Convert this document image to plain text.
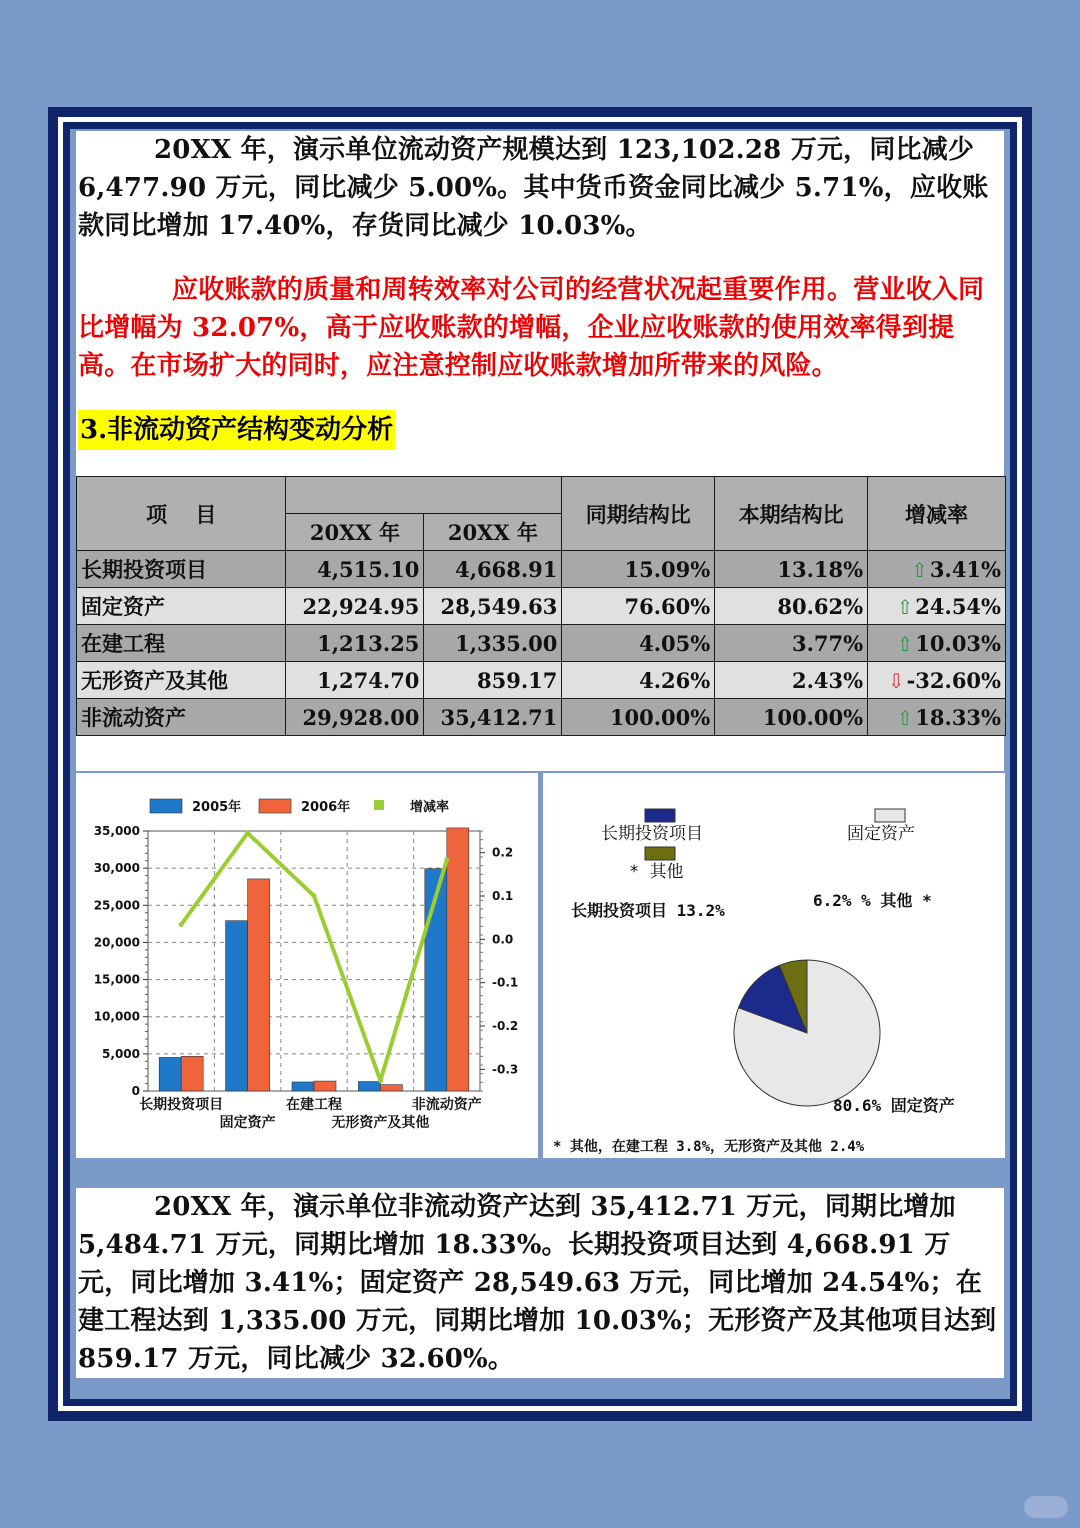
20XX 年，演示单位流动资产规模达到 123,102.28 万元，同比减少 6,477.90 万元，同比减少 5.00%。其中货币资金同比减少 5.71%，应收账款同比增加 17.40%，存货同比减少 10.03%。

应收账款的质量和周转效率对公司的经营状况起重要作用。营业收入同比增幅为 32.07%，高于应收账款的增幅，企业应收账款的使用效率得到提高。在市场扩大的同时，应注意控制应收账款增加所带来的风险。

3.非流动资产结构变动分析
项　 目			同期结构比	本期结构比	增减率
	20XX 年	20XX 年			
长期投资项目	4,515.10	4,668.91	15.09%	13.18%	⇧3.41%
固定资产	22,924.95	28,549.63	76.60%	80.62%	⇧24.54%
在建工程	1,213.25	1,335.00	4.05%	3.77%	⇧10.03%
无形资产及其他	1,274.70	859.17	4.26%	2.43%	⇩-32.60%
非流动资产	29,928.00	35,412.71	100.00%	100.00%	⇧18.33%
0
5,000
10,000
15,000
20,000
25,000
30,000
35,000
-0.3
-0.2
-0.1
0.0
0.1
0.2
长期投资项目
固定资产
在建工程
无形资产及其他
非流动资产
2005年	2006年	增减率
长期投资项目	固定资产
* 其他
长期投资项目 13.2%
6.2% % 其他 *
80.6% 固定资产
* 其他，在建工程 3.8%，无形资产及其他 2.4%

20XX 年，演示单位非流动资产达到 35,412.71 万元，同期比增加 5,484.71 万元，同期比增加 18.33%。长期投资项目达到 4,668.91 万元，同比增加 3.41%；固定资产 28,549.63 万元，同比增加 24.54%；在建工程达到 1,335.00 万元，同期比增加 10.03%；无形资产及其他项目达到 859.17 万元，同比减少 32.60%。
